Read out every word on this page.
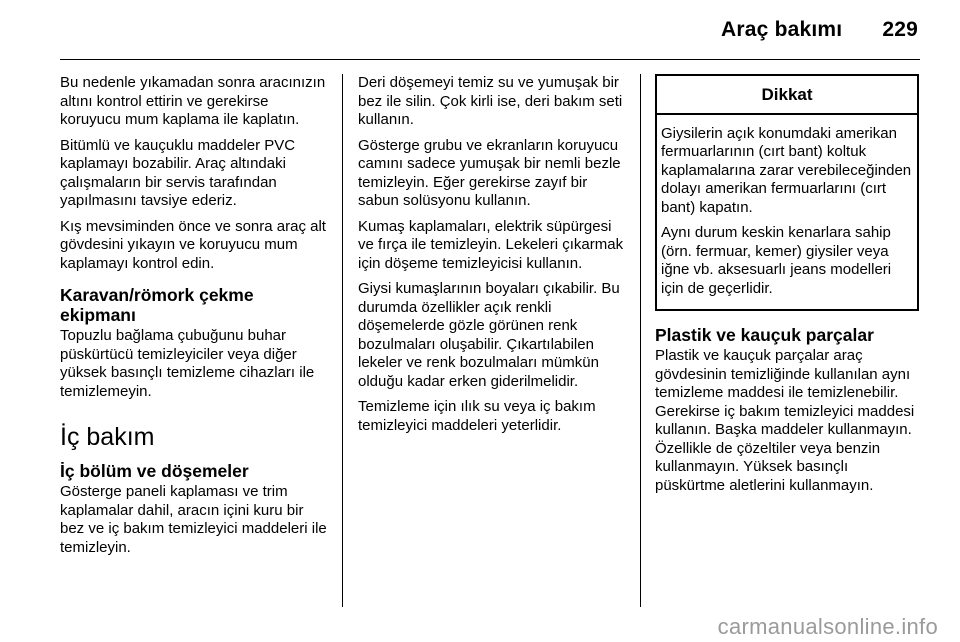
Araç bakımı 229

Bu nedenle yıkamadan sonra aracınızın altını kontrol ettirin ve gerekirse koruyucu mum kaplama ile kaplatın.

Bitümlü ve kauçuklu maddeler PVC kaplamayı bozabilir. Araç altındaki çalışmaların bir servis tarafından yapılmasını tavsiye ederiz.

Kış mevsiminden önce ve sonra araç alt gövdesini yıkayın ve koruyucu mum kaplamayı kontrol edin.

Karavan/römork çekme ekipmanı

Topuzlu bağlama çubuğunu buhar püskürtücü temizleyiciler veya diğer yüksek basınçlı temizleme cihazları ile temizlemeyin.

İç bakım
İç bölüm ve döşemeler

Gösterge paneli kaplaması ve trim kaplamalar dahil, aracın içini kuru bir bez ve iç bakım temizleyici maddeleri ile temizleyin.

Deri döşemeyi temiz su ve yumuşak bir bez ile silin. Çok kirli ise, deri bakım seti kullanın.

Gösterge grubu ve ekranların koruyucu camını sadece yumuşak bir nemli bezle temizleyin. Eğer gerekirse zayıf bir sabun solüsyonu kullanın.

Kumaş kaplamaları, elektrik süpürgesi ve fırça ile temizleyin. Lekeleri çıkarmak için döşeme temizleyicisi kullanın.

Giysi kumaşlarının boyaları çıkabilir. Bu durumda özellikler açık renkli döşemelerde gözle görünen renk bozulmaları oluşabilir. Çıkartılabilen lekeler ve renk bozulmaları mümkün olduğu kadar erken giderilmelidir.

Temizleme için ılık su veya iç bakım temizleyici maddeleri yeterlidir.

Dikkat

Giysilerin açık konumdaki amerikan fermuarlarının (cırt bant) koltuk kaplamalarına zarar verebileceğinden dolayı amerikan fermuarlarını (cırt bant) kapatın.

Aynı durum keskin kenarlara sahip (örn. fermuar, kemer) giysiler veya iğne vb. aksesuarlı jeans modelleri için de geçerlidir.

Plastik ve kauçuk parçalar

Plastik ve kauçuk parçalar araç gövdesinin temizliğinde kullanılan aynı temizleme maddesi ile temizlenebilir. Gerekirse iç bakım temizleyici maddesi kullanın. Başka maddeler kullanmayın. Özellikle de çözeltiler veya benzin kullanmayın. Yüksek basınçlı püskürtme aletlerini kullanmayın.

carmanualsonline.info
